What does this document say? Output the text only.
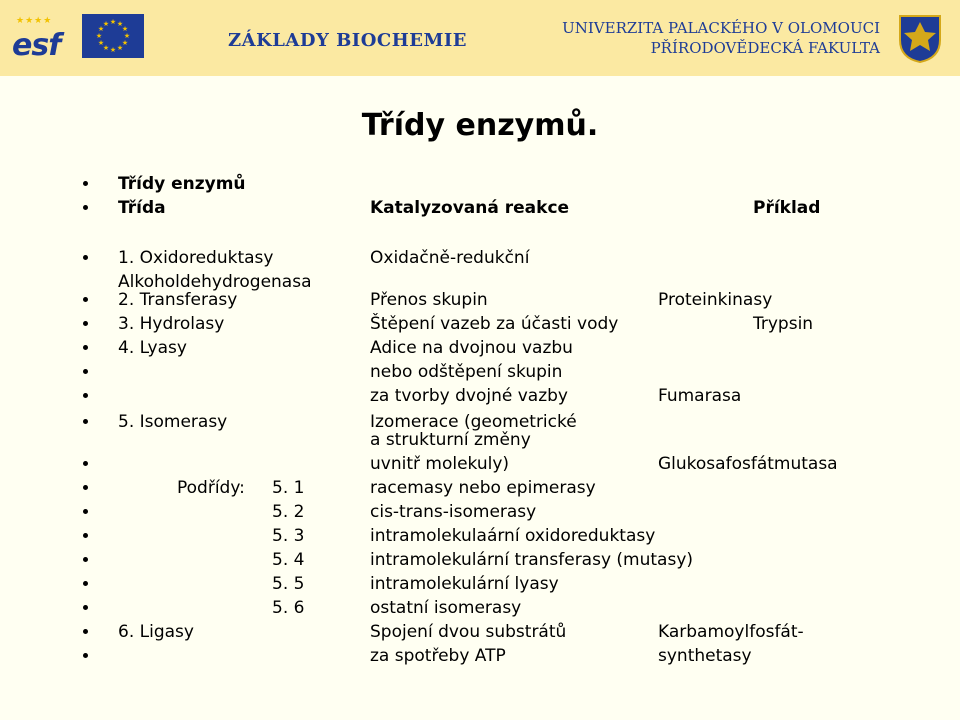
★★★★
esf
★ ★
★
★
★
★
★
★
★
★
★
★
ZÁKLADY BIOCHEMIE
UNIVERZITA PALACKÉHO V OLOMOUCI
PŘÍRODOVĚDECKÁ FAKULTA
Třídy enzymů.
Třídy enzymů
Třída	Katalyzovaná reakce	Příklad
1. Oxidoreduktasy	Oxidačně-redukční
Alkoholdehydrogenasa
2. Transferasy	Přenos skupin	Proteinkinasy
3. Hydrolasy	Štěpení vazeb za účasti vody	Trypsin
4. Lyasy	Adice na dvojnou vazbu
nebo odštěpení skupin
za tvorby dvojné vazby	Fumarasa
5. Isomerasy	Izomerace (geometrické
a strukturní změny
uvnitř molekuly)	Glukosafosfátmutasa
Podřídy: 5. 1	racemasy nebo epimerasy
5. 2	cis-trans-isomerasy
5. 3	intramolekulaární oxidoreduktasy
5. 4	intramolekulární transferasy (mutasy)
5. 5	intramolekulární lyasy
5. 6	ostatní isomerasy
6. Ligasy	Spojení dvou substrátů	Karbamoylfosfát-
za spotřeby ATP	synthetasy
